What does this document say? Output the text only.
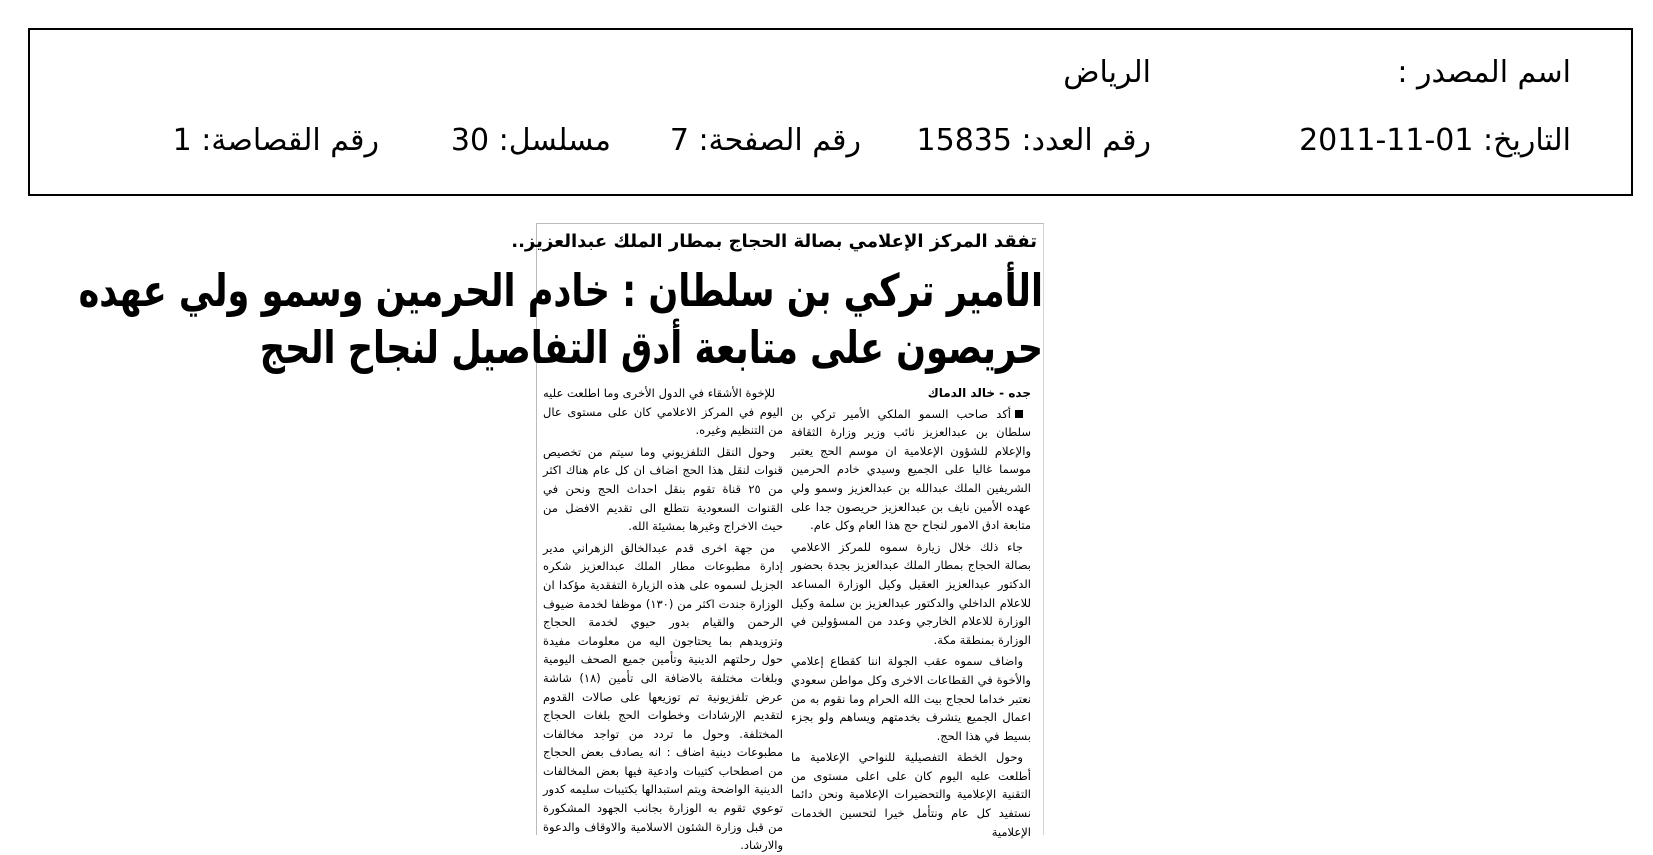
اسم المصدر :
الرياض
التاريخ: 01-11-2011
رقم العدد: 15835
رقم الصفحة: 7
مسلسل: 30
رقم القصاصة: 1
تفقد المركز الإعلامي بصالة الحجاج بمطار الملك عبدالعزيز..
الأمير تركي بن سلطان : خادم الحرمين وسمو ولي عهده
حريصون على متابعة أدق التفاصيل لنجاح الحج
جده - خالد الدماك

أكد صاحب السمو الملكي الأمير تركي بن سلطان بن عبدالعزيز نائب وزير وزارة الثقافة والإعلام للشؤون الإعلامية ان موسم الحج يعتبر موسما غاليا على الجميع وسيدي خادم الحرمين الشريفين الملك عبدالله بن عبدالعزيز وسمو ولي عهده الأمين نايف بن عبدالعزيز حريصون جدا على متابعة ادق الامور لنجاح حج هذا العام وكل عام.

جاء ذلك خلال زيارة سموه للمركز الاعلامي بصالة الحجاج بمطار الملك عبدالعزيز بجدة بحضور الدكتور عبدالعزيز العقيل وكيل الوزارة المساعد للاعلام الداخلي والدكتور عبدالعزيز بن سلمة وكيل الوزارة للاعلام الخارجي وعدد من المسؤولين في الوزارة بمنطقة مكة.

واضاف سموه عقب الجولة اننا كقطاع إعلامي والأخوة في القطاعات الاخرى وكل مواطن سعودي نعتبر خداما لحجاج بيت الله الحرام وما نقوم به من اعمال الجميع يتشرف بخدمتهم ويساهم ولو بجزء بسيط في هذا الحج.

وحول الخطة التفصيلية للنواحي الإعلامية ما أطلعت عليه اليوم كان على اعلى مستوى من التقنية الإعلامية والتحضيرات الإعلامية ونحن دائما نستفيد كل عام ونتأمل خيرا لتحسين الخدمات الإعلامية

للإخوة الأشقاء في الدول الأخرى وما اطلعت عليه اليوم في المركز الاعلامي كان على مستوى عال من التنظيم وغيره.

وحول النقل التلفزيوني وما سيتم من تخصيص قنوات لنقل هذا الحج اضاف ان كل عام هناك اكثر من ٢٥ قناة تقوم بنقل احداث الحج ونحن في القنوات السعودية نتطلع الى تقديم الافضل من حيث الاخراج وغيرها بمشيئة الله.

من جهة اخرى قدم عبدالخالق الزهراني مدير إدارة مطبوعات مطار الملك عبدالعزيز شكره الجزيل لسموه على هذه الزيارة التفقدية مؤكدا ان الوزارة جندت اكثر من (١٣٠) موظفا لخدمة ضيوف الرحمن والقيام بدور حيوي لخدمة الحجاج وتزويدهم بما يحتاجون اليه من معلومات مفيدة حول رحلتهم الدينية وتأمين جميع الصحف اليومية وبلغات مختلفة بالاضافة الى تأمين (١٨) شاشة عرض تلفزيونية تم توزيعها على صالات القدوم لتقديم الإرشادات وخطوات الحج بلغات الحجاج المختلفة. وحول ما تردد من تواجد مخالفات مطبوعات دينية اضاف : انه يصادف بعض الحجاج من اصطحاب كتيبات وادعية فيها بعض المخالفات الدينية الواضحة ويتم استبدالها بكتيبات سليمه كدور توعوي تقوم به الوزارة بجانب الجهود المشكورة من قبل وزارة الشئون الاسلامية والاوقاف والدعوة والارشاد.
